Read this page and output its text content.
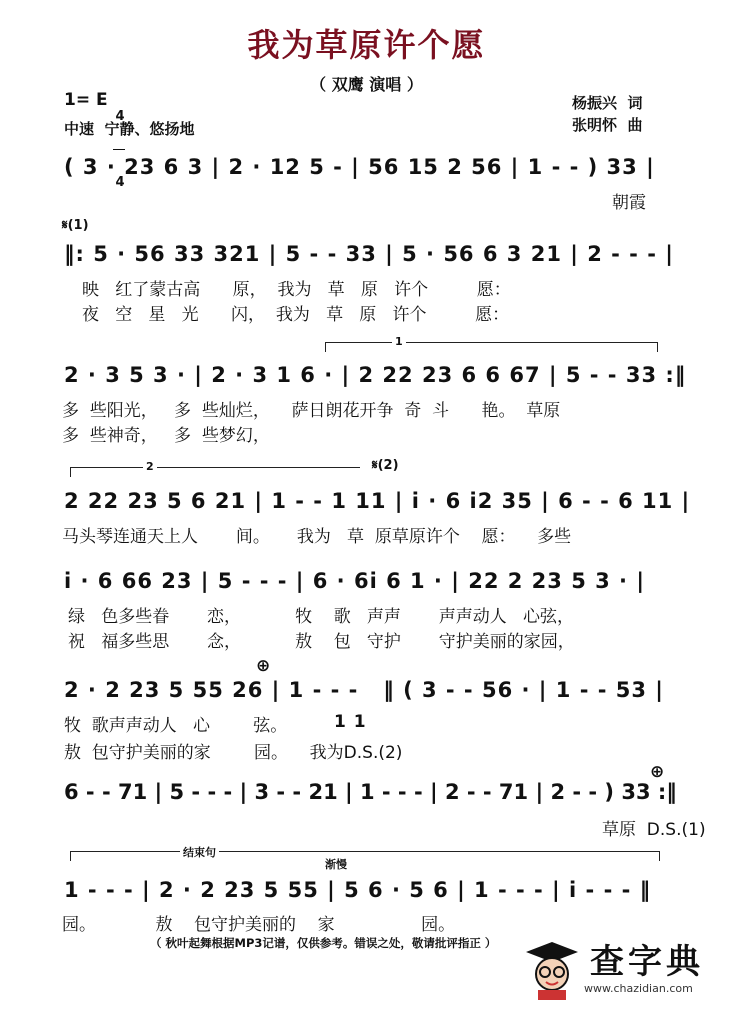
我为草原许个愿
（ 双鹰 演唱 ）
1= E

4

4

中速  宁静、悠扬地
杨振兴  词
张明怀  曲
( 3 · 23 6 3 | 2 · 12 5 - | 56 15 2 56 | 1 - - ) 33 |
朝霞
𝄋(1)
‖: 5 · 56 33 321 | 5 - - 33 | 5 · 56 6 3 21 | 2 - - - |
映   红了蒙古高      原，  我为   草   原   许个         愿：
夜   空   星   光      闪，  我为   草   原   许个         愿：
1
2 · 3 5 3 · | 2 · 3 1 6 · | 2 22 23 6 6 67 | 5 - - 33 :‖
多  些阳光，   多  些灿烂，    萨日朗花开争  奇  斗      艳。  草原
多  些神奇，   多  些梦幻，
2	𝄋(2)
2 22 23 5 6 21 | 1 - - 1 11 | i · 6 i2 35 | 6 - - 6 11 |
马头琴连通天上人       间。     我为   草  原草原许个    愿：    多些
i · 6 66 23 | 5 - - - | 6 · 6i 6 1 · | 22 2 23 5 3 · |
绿   色多些眷       恋，          牧    歌   声声       声声动人   心弦，
祝   福多些思       念，          敖    包   守护       守护美丽的家园，
⊕
2 · 2 23 5 55 26 | 1 - - -   ‖ ( 3 - - 56 · | 1 - - 53 |
牧  歌声声动人   心        弦。	1 1
敖  包守护美丽的家        园。    我为D.S.(2)
⊕
6 - - 71 | 5 - - - | 3 - - 21 | 1 - - - | 2 - - 71 | 2 - - ) 33 :‖
草原  D.S.(1)
结束句
渐慢
1 - - - | 2 · 2 23 5 55 | 5 6 · 5 6 | 1 - - - | i - - - ‖
园。           敖    包守护美丽的    家                园。
（ 秋叶起舞根据MP3记谱，仅供参考。错误之处，敬请批评指正 ）	查字典
www.chazidian.com
